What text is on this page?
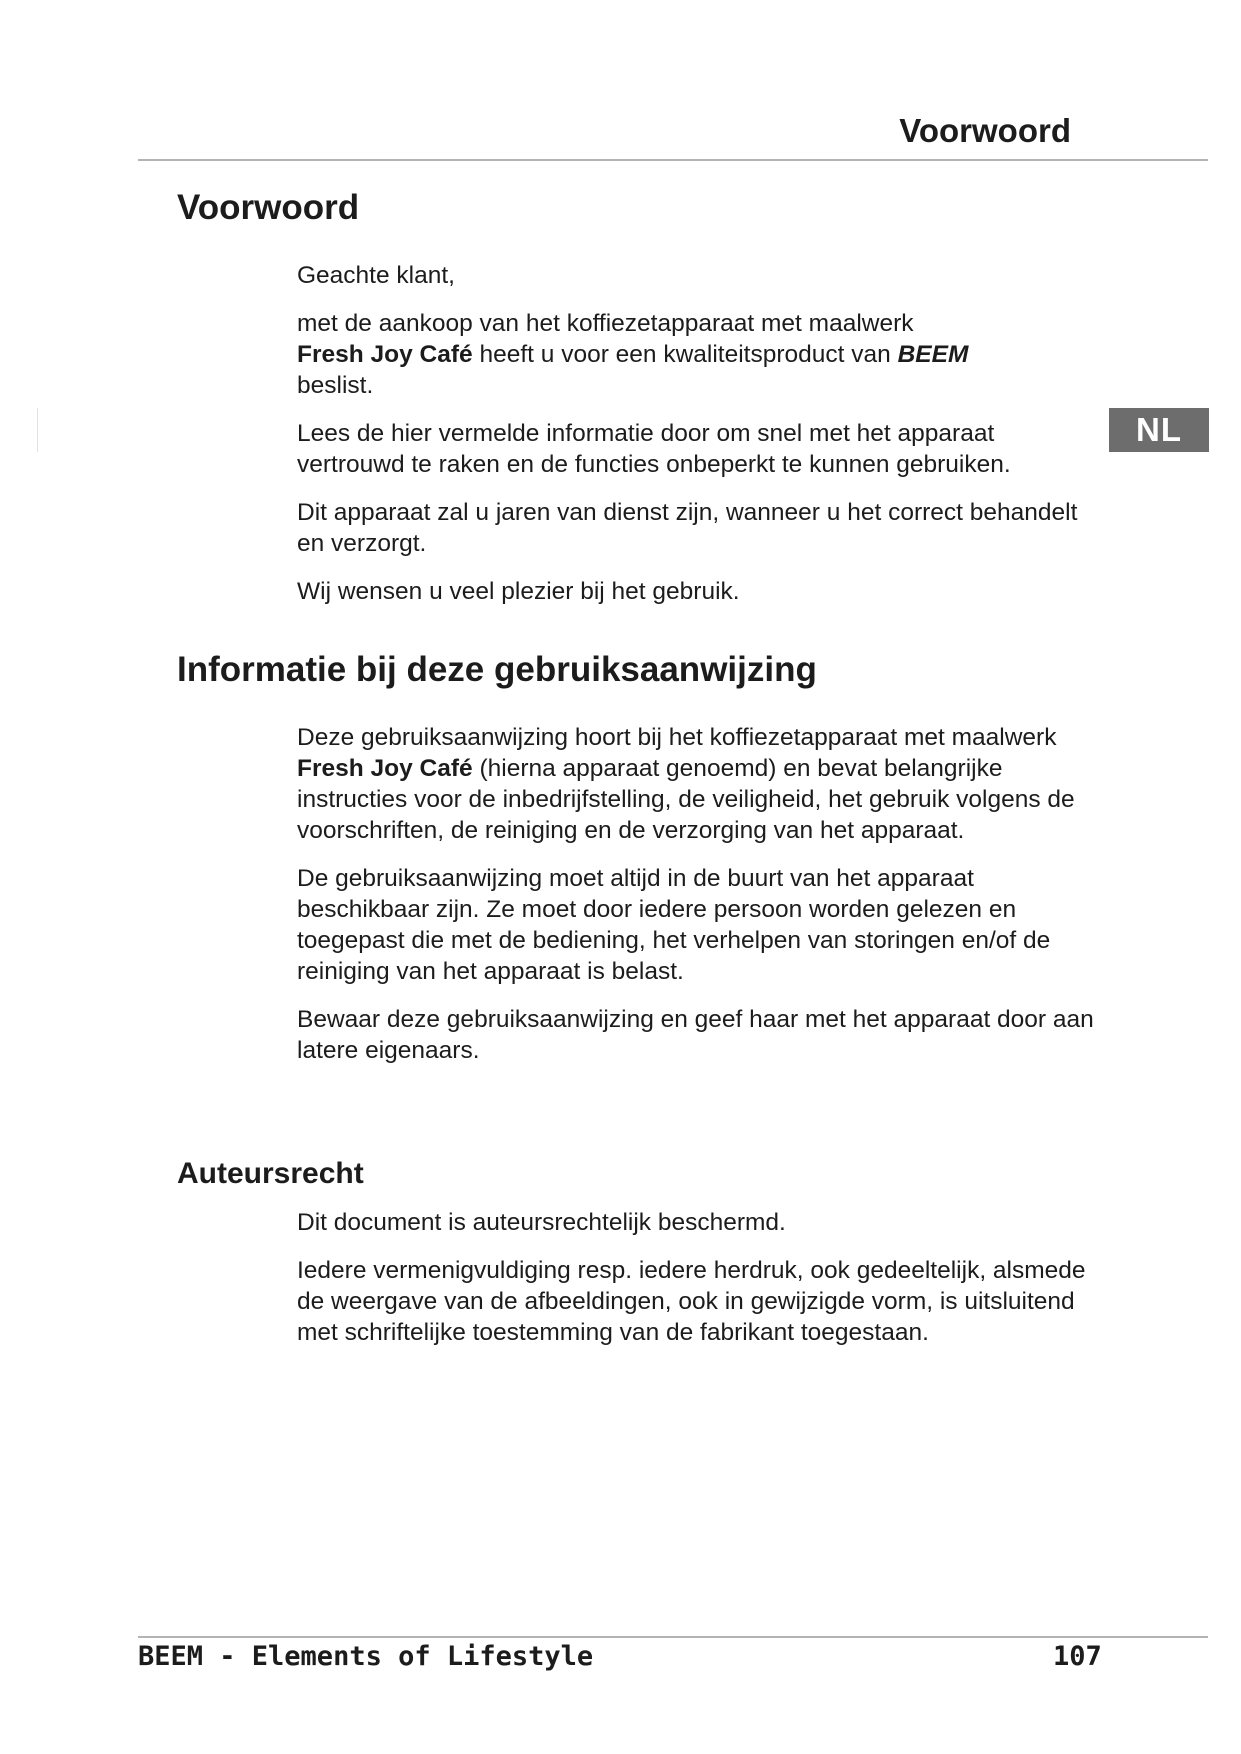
Voorwoord
NL
Voorwoord

Geachte klant,

met de aankoop van het koffiezetapparaat met maalwerk
Fresh Joy Café heeft u voor een kwaliteitsproduct van BEEM
beslist.

Lees de hier vermelde informatie door om snel met het apparaat vertrouwd te raken en de functies onbeperkt te kunnen gebruiken.

Dit apparaat zal u jaren van dienst zijn, wanneer u het correct behandelt en verzorgt.

Wij wensen u veel plezier bij het gebruik.

Informatie bij deze gebruiksaanwijzing

Deze gebruiksaanwijzing hoort bij het koffiezetapparaat met maalwerk Fresh Joy Café (hierna apparaat genoemd) en bevat belangrijke instructies voor de inbedrijfstelling, de veiligheid, het gebruik volgens de voorschriften, de reiniging en de verzorging van het apparaat.

De gebruiksaanwijzing moet altijd in de buurt van het apparaat beschikbaar zijn. Ze moet door iedere persoon worden gelezen en toegepast die met de bediening, het verhelpen van storingen en/of de reiniging van het apparaat is belast.

Bewaar deze gebruiksaanwijzing en geef haar met het apparaat door aan latere eigenaars.

Auteursrecht

Dit document is auteursrechtelijk beschermd.

Iedere vermenigvuldiging resp. iedere herdruk, ook gedeeltelijk, alsmede de weergave van de afbeeldingen, ook in gewijzigde vorm, is uitsluitend met schriftelijke toestemming van de fabrikant toegestaan.

BEEM - Elements of Lifestyle	107
